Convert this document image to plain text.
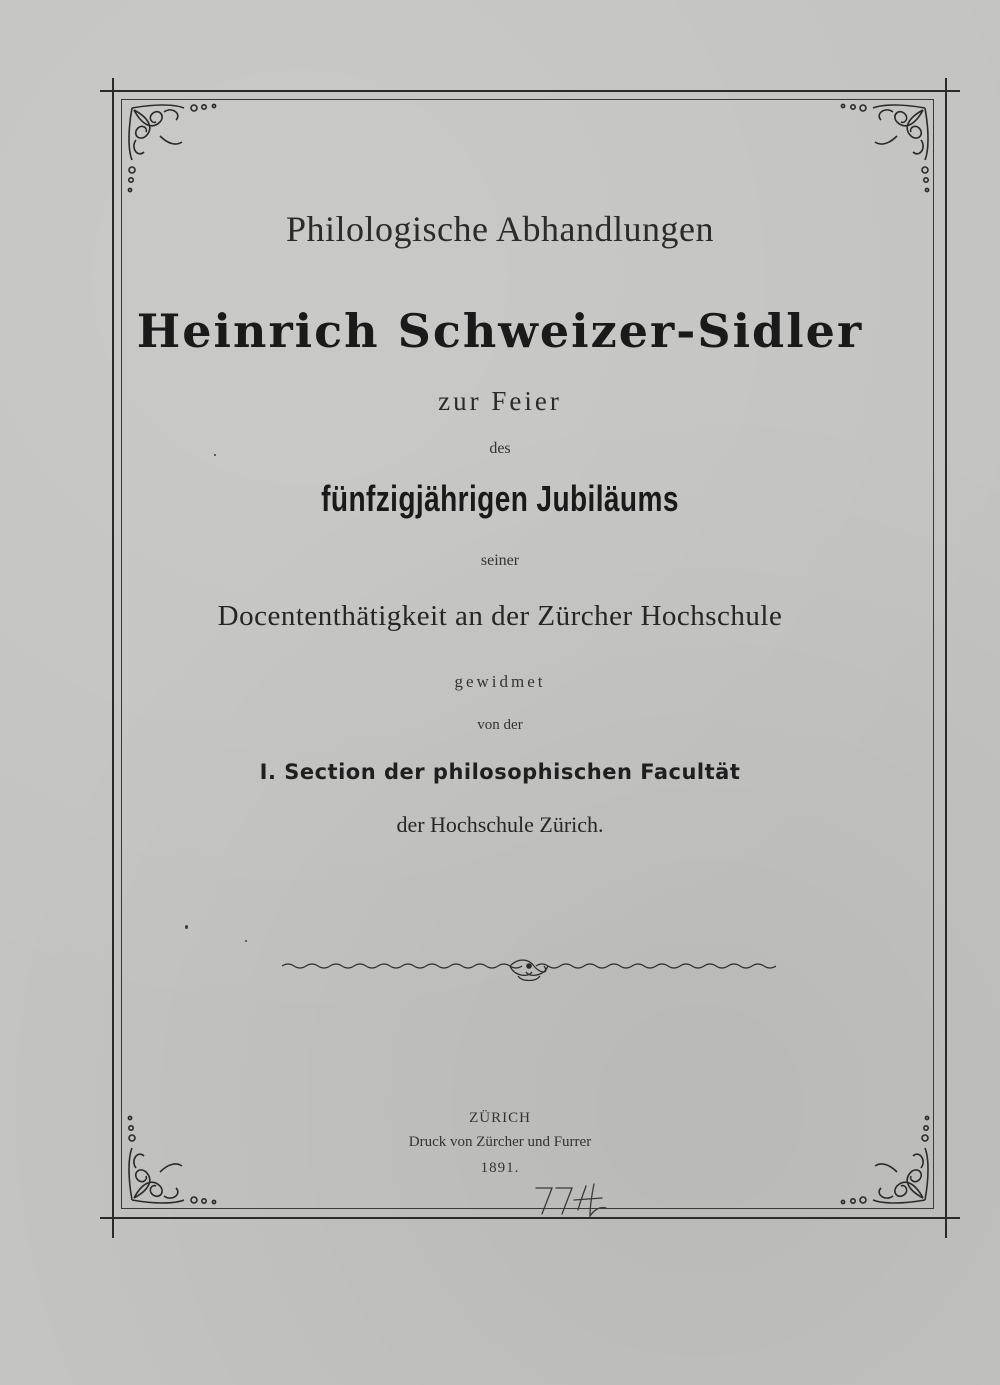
Philologische Abhandlungen
Heinrich Schweizer-Sidler
zur Feier
des
fünfzigjährigen Jubiläums
seiner
Docententhätigkeit an der Zürcher Hochschule
gewidmet
von der
I. Section der philosophischen Facultät
der Hochschule Zürich.
ZÜRICH
Druck von Zürcher und Furrer
1891.
